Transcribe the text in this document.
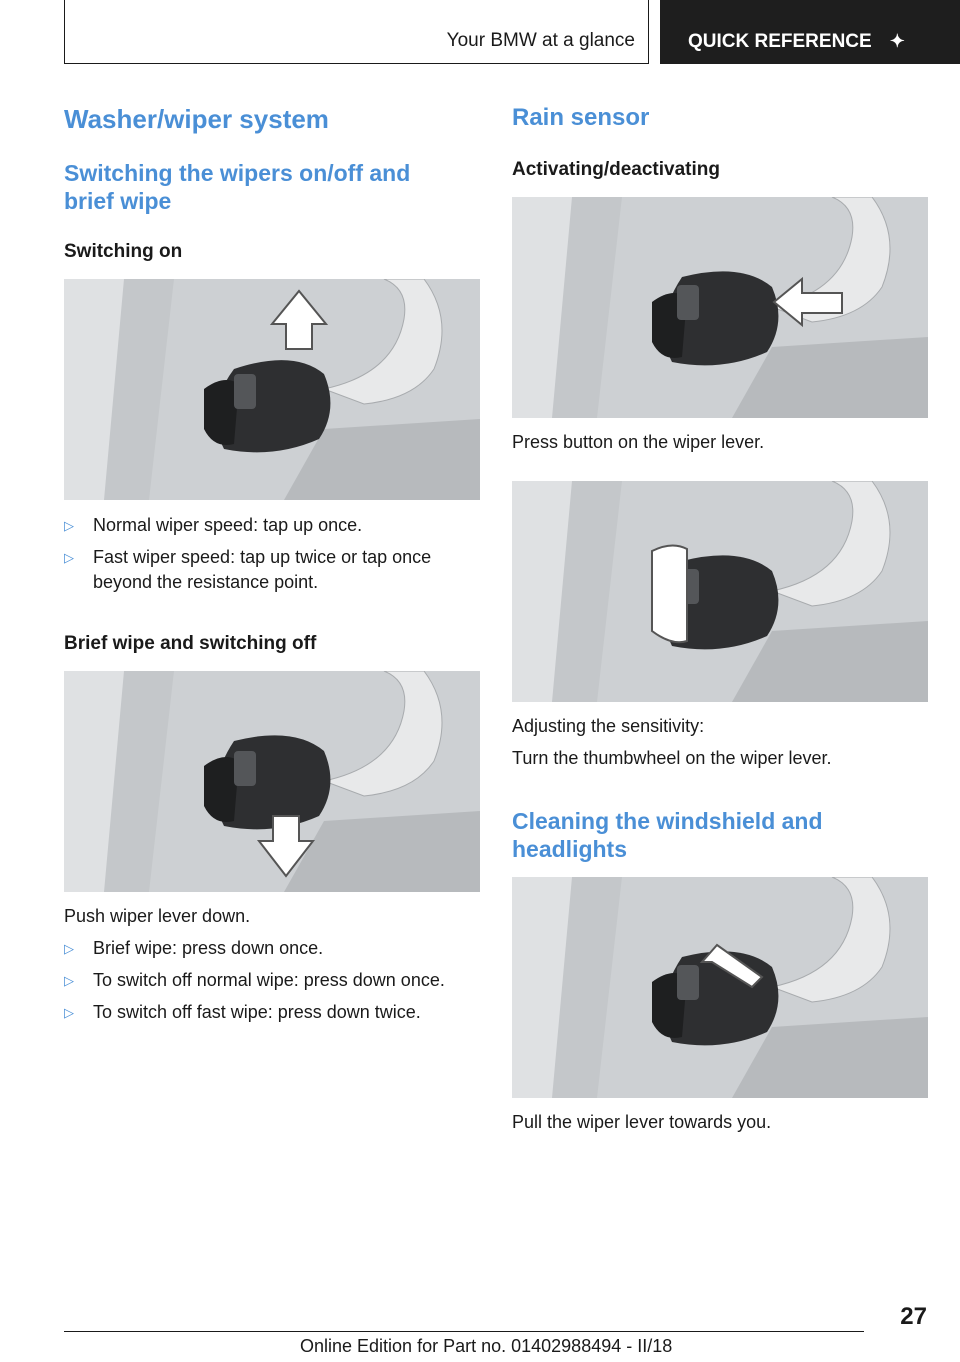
Your BMW at a glance	QUICK REFERENCE ✦
Washer/wiper system
Switching the wipers on/off and brief wipe
Switching on
▷ Normal wiper speed: tap up once.
▷ Fast wiper speed: tap up twice or tap once beyond the resistance point.
Brief wipe and switching off

Push wiper lever down.

▷ Brief wipe: press down once.
▷ To switch off normal wipe: press down once.
▷ To switch off fast wipe: press down twice.
Rain sensor
Activating/deactivating

Press button on the wiper lever.

Adjusting the sensitivity:

Turn the thumbwheel on the wiper lever.

Cleaning the windshield and headlights

Pull the wiper lever towards you.

27
Online Edition for Part no. 01402988494 - II/18
